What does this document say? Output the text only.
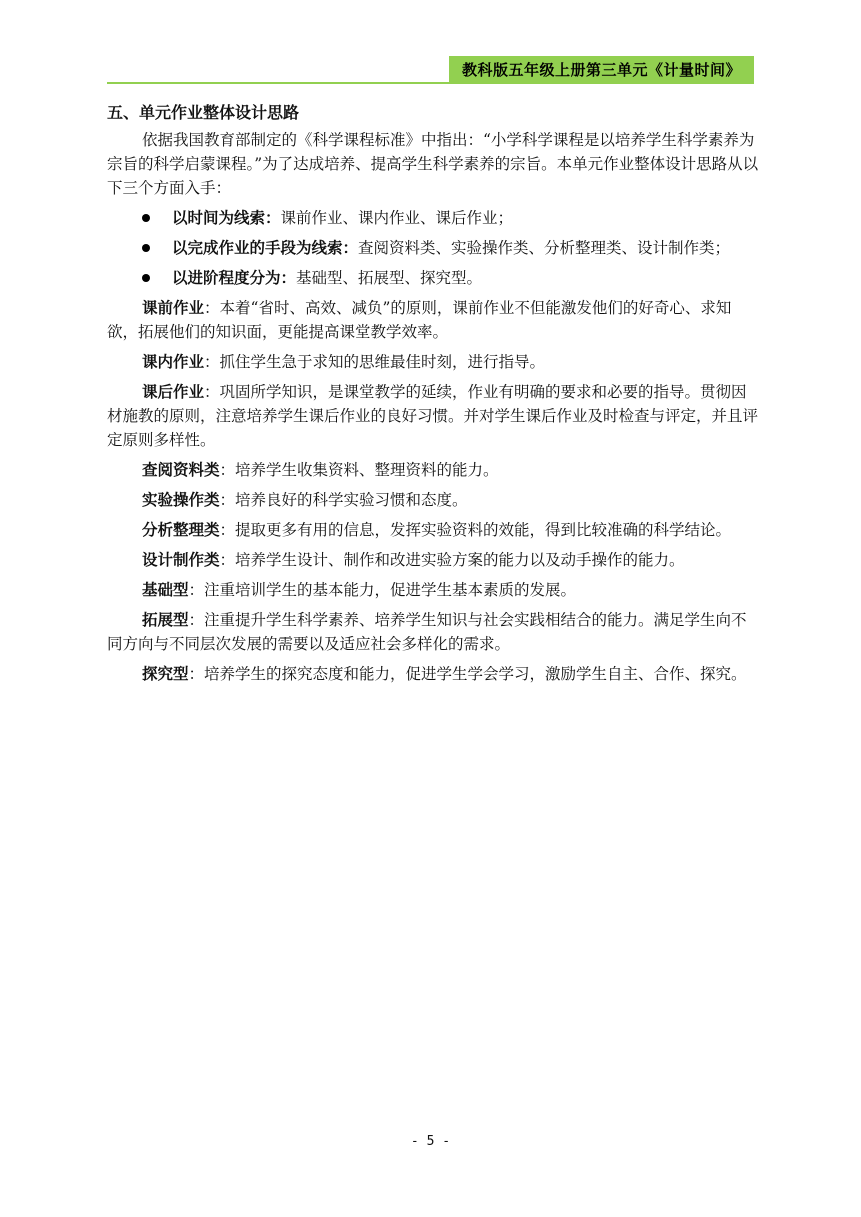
教科版五年级上册第三单元《计量时间》
五、单元作业整体设计思路

依据我国教育部制定的《科学课程标准》中指出：“小学科学课程是以培养学生科学素养为宗旨的科学启蒙课程。”为了达成培养、提高学生科学素养的宗旨。本单元作业整体设计思路从以下三个方面入手：

以时间为线索：课前作业、课内作业、课后作业；
以完成作业的手段为线索：查阅资料类、实验操作类、分析整理类、设计制作类；
以进阶程度分为：基础型、拓展型、探究型。

课前作业：本着“省时、高效、减负”的原则，课前作业不但能激发他们的好奇心、求知欲，拓展他们的知识面，更能提高课堂教学效率。

课内作业：抓住学生急于求知的思维最佳时刻，进行指导。

课后作业：巩固所学知识，是课堂教学的延续，作业有明确的要求和必要的指导。贯彻因材施教的原则，注意培养学生课后作业的良好习惯。并对学生课后作业及时检查与评定，并且评定原则多样性。

查阅资料类：培养学生收集资料、整理资料的能力。

实验操作类：培养良好的科学实验习惯和态度。

分析整理类：提取更多有用的信息，发挥实验资料的效能，得到比较准确的科学结论。

设计制作类：培养学生设计、制作和改进实验方案的能力以及动手操作的能力。

基础型：注重培训学生的基本能力，促进学生基本素质的发展。

拓展型：注重提升学生科学素养、培养学生知识与社会实践相结合的能力。满足学生向不同方向与不同层次发展的需要以及适应社会多样化的需求。

探究型：培养学生的探究态度和能力，促进学生学会学习，激励学生自主、合作、探究。

- 5 -
